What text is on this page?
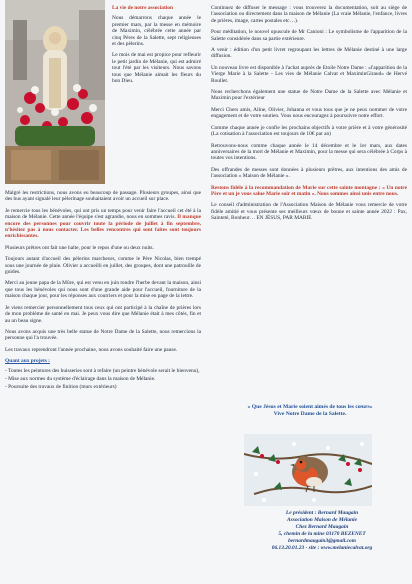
La vie de notre association

Nous démarrons chaque année le premier mars, par la messe en mémoire de Maximin, célébrée cette année par cinq Pères de la Salette, sept religieuses et des pèlerins.

Le mois de mai est propice pour refleurir le petit jardin de Mélanie, qui est admiré tout l'été par les visiteurs. Nous savons tous que Mélanie aimait les fleurs du bon Dieu.

Malgré les restrictions, nous avons eu beaucoup de passage. Plusieurs groupes, ainsi que des bus ayant signalé leur pèlerinage souhaitaient avoir un accueil sur place.

Je remercie tous les bénévoles, qui ont pris un temps pour venir faire l'accueil cet été à la maison de Mélanie. Cette année l'équipe s'est agrandie, nous en sommes ravis. Il manque encore des personnes pour couvrir toute la période de juillet à fin septembre, n'hésitez pas à nous contacter. Les belles rencontres qui sont faites sont toujours enrichissantes.

Plusieurs prêtres ont fait une halte, pour le repos d'une ou deux nuits.

Toujours autant d'accueil des pèlerins marcheurs, comme le Père Nicolas, bien trempé sous une journée de pluie. Olivier a accueilli en juillet, des groupes, dont une patrouille de guides.

Merci au jeune papa de la Mûre, qui est venu en juin tondre l'herbe devant la maison, ainsi que tous les bénévoles qui nous sont d'une grande aide pour l'accueil, fourniture de la maison chaque jour, pour les réponses aux courriers et pour la mise en page de la lettre.

Je viens remercier personnellement tous ceux qui ont participé à la chaîne de prières lors de mon problème de santé en mai. Je peux vous dire que Mélanie était à mes côtés, fin et au un beau signe.

Nous avons acquis une très belle statue de Notre Dame de la Salette, nous remercions la personne qui l'a trouvée.

Les travaux reprendront l'année prochaine, nous avons souhaité faire une pause.

Quant aux projets :

- Toutes les peintures des huisseries sont à refaire (un peintre bénévole serait le bienvenu),

- Mise aux normes du système d'éclairage dans la maison de Mélanie.

- Poursuite des travaux de finition (murs extérieurs)

Continuez de diffuser le message : vous trouverez la documentation, soit au siège de l'association ou directement dans la maison de Mélanie (La vraie Mélanie, l'enfance, livres de prières, image, cartes postales etc…).

Pour méditation, le nouvel opuscule de Mr Canioni : Le symbolisme de l'apparition de la Salette considérée dans sa partie extérieure.

A venir : édition d'un petit livret regroupant les lettres de Mélanie destiné à une large diffusion.

Un nouveau livre est disponible à l'achat auprès de Etoile Notre Dame : «l'apparition de la Vierge Marie à la Salette - Les vies de Mélanie Calvat et MaximinGiraud» de Hervé Roullet.

Nous recherchons également une statue de Notre Dame de la Salette avec Mélanie et Maximin pour l'extérieur

Merci Chers amis, Aline, Olivier, Johanna et vous tous que je ne peux nommer de votre engagement et de votre soutien. Vous nous encouragez à poursuivre notre effort.

Comme chaque année je confie les prochains objectifs à votre prière et à votre générosité (La cotisation à l'association est toujours de 10€ par an)

Retrouvons-nous comme chaque année le 14 décembre et le 1er mars, aux dates anniversaires de la mort de Mélanie et Maximin, pour la messe qui sera célébrée à Corps à toutes vos intentions.

Des offrandes de messes sont données à plusieurs prêtres, aux intentions des amis de l'association « Maison de Mélanie ».

Restons fidèle à la recommandation de Marie sur cette sainte montagne : « Un notre Père et un je vous salue Marie soir et matin ». Nous sommes ainsi unis entre nous.

Le conseil d'administration de l'Association Maison de Mélanie vous remercie de votre fidèle amitié et vous présente ses meilleurs vœux de bonne et sainte année 2022 : Pax, Sainteté, Bonheur… EN JÉSUS, PAR MARIE

« Que Jésus et Marie soient aimés de tous les cœurs»
Vive Notre Dame de la Salette.
Le président : Bernard Maugain
Association Maison de Mélanie
Chez Bernard Maugain
5, chemin de la mine 03170 BEZENET
bernardmaugain3@gmail.com
06.13.20.01.23 - site : www.melaniecalvat.org
